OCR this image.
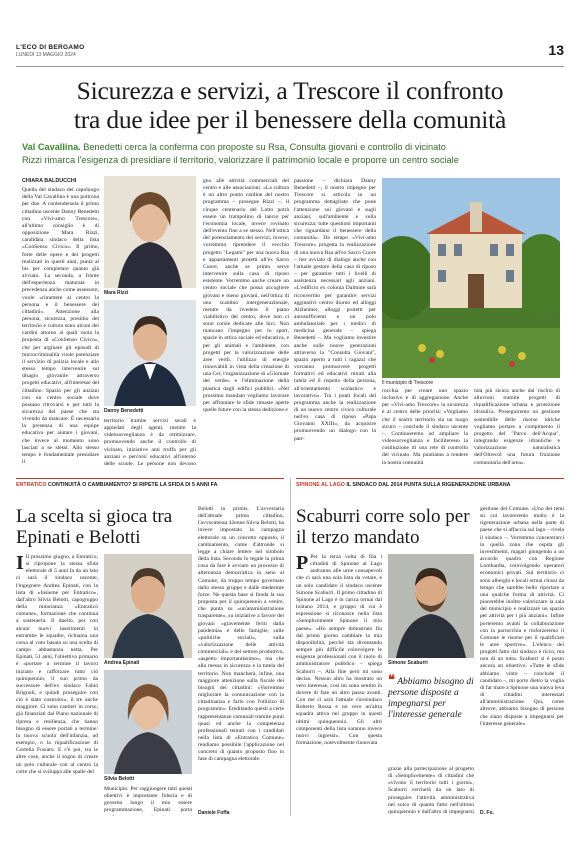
L'ECO DI BERGAMO
LUNEDÌ 13 MAGGIO 2024	13
Sicurezza e servizi, a Trescore il confronto
tra due idee per il benessere della comunità
Val Cavallina. Benedetti cerca la conferma con proposte su Rsa, Consulta giovani e controllo di vicinato
Rizzi rimarca l'esigenza di presidiare il territorio, valorizzare il patrimonio locale e proporre un centro sociale
CHIARA BALDUCCHI
Quella del sindaco del capoluogo della Val Cavallina è una poltrona per due. A contendersela il primo cittadino uscente Danny Benedetti con «Vivi-amo Trescore», all'ultimo consiglio è di opposizione Mara Rizzi, candidata sindaco della lista «ConSenso Civico». Il primo, forte delle opere e dei progetti realizzati in questi anni, punta al bis per completare quanto già avviato. La seconda, a fronte dell'esperienza maturata in precedenza anche come assessore, vuole «rimettere al centro la persona e il benessere dei cittadini». Attenzione alla persona, sicurezza, presidio del territorio e cultura sono alcuni dei cardini attorno ai quali ruota la proposta di «ConSenso Civico», che per arginare gli episodi di microcriminalità vuole potenziare il servizio di polizia locale e allo stesso tempo intervenire sul disagio giovanile attraverso progetti educativi, all'interesse del cittadino. Spazio per gli anziani con un centro sociale dove possano ritrovarsi e per tutti la sicurezza del paese che sta vivendo da mancare. È necessaria la presenza di una equipe educativa per aiutare i giovani, che invece al momento sono lasciati a se stessi. Allo stesso tempo è fondamentale presidiare il
Mara Rizzi
Danny Benedetti
territorio tramite servizi serali e appiedati degli agenti, mentre la videosorveglianza è da ottimizzare, promuovendo anche il controllo di vicinato, iniziative anti truffa per gli anziani e percorsi educativi all'interno delle scuole. Le persone non devono
gno alle attività commerciali del centro e alle associazioni. «La cultura è un altro punto cardine del nostro programma – prosegue Rizzi –, il cinque centenario del Lotto potrà essere un trampolino di lancio per l'economia locale, invece rovinato dell'evento fine a se stesso. Nell'ottica del potenziamento dei servizi, invece, vorremmo riprendere il vecchio progetto "Legami" per una nuova Rsa e appartamenti protetti all'ex Sacro Cuore, anche se primo serve intervenire sulla casa di riposo esistente. Vorremmo anche creare un centro sociale che possa accogliere giovani e meno giovani, nell'ottica di uno scambio intergenerazionale, mentre da rivedere il piano viabilistico del centro, dove non ci sono corsie dedicate alle bici. Non mancano l'impegno per lo sport, spacie in ottica sociale ed educativa, e per gli animali e l'ambiente, con progetti per la valorizzazione delle aree verdi, l'utilizzo di energie rinnovabili in vista della creazione di una Cer, l'organizzazione di «Giornate del verde» e l'eliminazione della plastica dagli edifici pubblici. «Nel prossimo mandato vogliamo lavorare per affrontare le sfide rimaste aperte quelle future con la stessa dedizione e
passione – dichiara Danny Benedetti –, il nostro impegno per Trescore si articola in un programma dettagliato che pone l'attenzione sui giovani e sugli anziani, sull'ambiente e sulla sicurezza: tutte questioni importanti che riguardano il benessere della comunità». Da tempo «Vivi-amo Trescore» progetta la realizzazione di una nuova Rsa all'ex Sacro Cuore – iter avviato di dialogo anche con l'attuale gestore della casa di riposo – per garantire tutti i livelli di assistenza necessari agli anziani. «L'edificio ex colonia Dalmine sarà riconvertito per garantire servizi aggiuntivi centro diurno ed alloggi Alzheimer, alloggi protetti per autosufficienti e un polo ambulatoriale per i medici di medicina generale – spiega Benedetti –. Ma vogliamo investire anche sulle nuove generazioni attraverso la "Consulta Giovani", spazio aperto a tutti i ragazzi che vorranno promuovere progetti formativi ed educativi mirati alla tutela ed il rispetto della persona, all'orientamento scolastico e lavorativo». Tra i punti focali del programma anche la realizzazione di un nuovo centro civico culturale nell'ex casa di riposo «Papa Giovanni XXIII», da acquisire promuovendo un dialogo con la parr-
Il municipio di Trescore
rocchia per creare uno spazio inclusivo e di aggregazione. Anche per «Vivi-amo Trescore» la sicurezza è al centro delle priorità: «Vogliamo che il nostro territorio sia un luogo sicuro – conclude il sindaco uscente –. Continueremo ad ampliare la videosorveglianza e facilitereмо la costituzione di una rete di controllo del vicinato. Ma puntiamo a rendere la nostra comunità
nità più sicura anche dal rischio di alluvioni tramite progetti di riqualificazione urbana e protezione idraulica. Proseguiremo un gestione sostenibile delle risorse idriche vogliamo portare a compimento il progetto del "Parco dell'Acqua", integrando esigenze idrauliche e valorizzazione naturalistica dell'Oltrecol una futura fruizione comunitaria dell'area».
ENTRATICO CONTINUITÀ O CAMBIAMENTO? SI RIPETE LA SFIDA DI 5 ANNI FA
La scelta si gioca tra Epinati e Belotti
I Il prossimo giugno, a Entratico, si ripropone la stessa sfida elettorale di 5 anni fa da un lato ci sarà il sindaco uscente, l'ingegnere Andrea Epinati, con la lista di «Insieme per Entratico», dall'altro Silvia Belotti, capogruppo della minoranza «Entratico comune», formazione che continua a sostenerla. Il duello, per con alcuni nuovi inserimenti in entrambe le squadre, richiama una corsa al voto basata su una scelta di campo abbastanza netta. Per Epinati, 51 anni, l'obiettivo primario è «portare a termine il lavoro iniziato e rafforzare tutto ciò quinquennio, il suo primo da successore dell'ex sindaco Fabio Brignoli, e quindi proseguire con ciò è stato costruito», il tre anche maggiore. Ci sono cantieri in corso, già finanziati dal Piano nazionale di ripresa e resilienza, che hanno bisogno di essere portati a termine: la nuova scuola dell'infanzia, ad esempio, o la riqualificazione di Cortella Fosiato. E c'è poi, tra le altre cose, anche il sogno di creare un polo culturale con al centro la corte che si sviluppa alle spalle del
Andrea Epinati
Silvia Belotti
Municipio. Per raggiungere tutti questi obiettivi è importante fiducia e di governo lungo il mio essere programmazione, Epinati porta
Belotti in primis. L'avversaria dell'attuale primo cittadino, l'avvocatessa 42enne Silvia Belotti, ha invece impostato la campagna elettorale su un concetto opposto, il cambiamento, come d'altronde si legge a chiare lettere nel simbolo della lista. Secondo lo legale la prima cosa da fare è avviare un processo di alternanza democratica in seno al Comune, da troppo tempo governato dallo stesso gruppo e dalle medesime forze. Ne questa base si fonda la sua proposta per il quinquennio a venire, che punta su «un'amministrazione trasparente», su iniziative a favore dei giovani «gravemente feriti dalla pandemia» e delle famiglie, sulle «politiche sociali», sulla «valorizzazione delle attività commerciali» e del settore produttivo, «aspetto importantissimo», ma che alla messa in sicurezza e la tutela del territorio. Non mancherà, infine, una maggiore attenzione sulla fiscale dei bisogni dei cittadini: «Vorremmo migliorare la comunicazione con la cittadinanza e farlo con l'utilizzo di programmi». Ereditando questi a certe rappresentanze comunali tramite punti quasi ed anche la competenza professionali temuti con i candidati nella lista di «Entratico Comune» rendiamo possibile l'applicazione nel concreto di quanto proposto fino in fase di campagna elettorale.
Daniele Foffa
SPINONE AL LAGO IL SINDACO DAL 2014 PUNTA SULLA RIGENERAZIONE URBANA
Scaburri corre solo per il terzo mandato
P Per la terza volta di fila i cittadini di Spinone al Lago andranno alle urne consapevoli che ci sarà una sola lista da votare, e un solo candidato il sindaco uscente Simone Scaburri. Il primo cittadino di Spinone al Lago è in carica ormai dal lontano 2014, e gruppo di cui è espressione si riconosce nella lista «Semplicemente Spinone il mio paese». «Ho sempre dimostrato fin dal primo giorno cambiare la mia disponibilità, perché sta diventando sempre più difficile coinvolgere le esigenze professionali con il ruolo di amministratore pubblico – spiega Scaburri –. Alla fine però mi sono deciso. Nessun altro ha mostrato un vero interesse, così mi sono sentito in dovere di fare un altro passo avanti. Con me ci sarà l'attuale vicesindaco Roberto Rossa e un vero un'altra squadra attiva nel gruppo in questi ultimi quinquennio. Gli altri componenti della lista saranno invece nuovi ingressi». Con questa formazione, notevolmente rinnovata
Simone Scaburri
❝ Abbiamo bisogno di persone disposte a impegnarsi per l'interesse generale
grazie alla partecipazione al progetto di «Semplicemente» di cittadini che «vivono il territorio tutti i giorni», Scaburri cercherà da un lato di proseguire l'attività amministrativa nel solco di quanto fatto nell'ultimo quinquennio e dall'altro di impegnarsi
gestione del Comune. «Uno dei temi su cui lavoreremo molto è la rigenerazione urbana nella parte di paese che si affaccia sul lago – rivela il sindaco –. Vorremmo concentrarci in quella zona che ospita gli investimenti, magari giungendo a un accordo quadro con Regione Lombardia, coinvolgendo operatori economici privati. Sul territorio ci sono alberghi e locali ormai chiusi da tempo che sarebbe bello riportare a una qualche forma di attività. Ci piacerebbe inoltre valorizzare la sala del municipio e realizzare un spazio per attività per i più anziani». Infine porteremo avanti la collaborazione con la parrocchia e rinforzeremo il Comune le risorse per il qualificare le aree sportive». L'elenco dei progetti fatto dal sindaco è ricco, ma non di un tutto. Scaburri si è posto ancora un obiettivo. «Tutte le sfide abbiamo vinto – conclude il candidato –, mi porto dietro la voglia di far mare a Spinone una nuova leva di cittadini interessati all'amministrazione. Qui, come altrove, abbiamo bisogno di persone che siano disposte a impegnarsi per l'interesse generale».
D. Fo.
